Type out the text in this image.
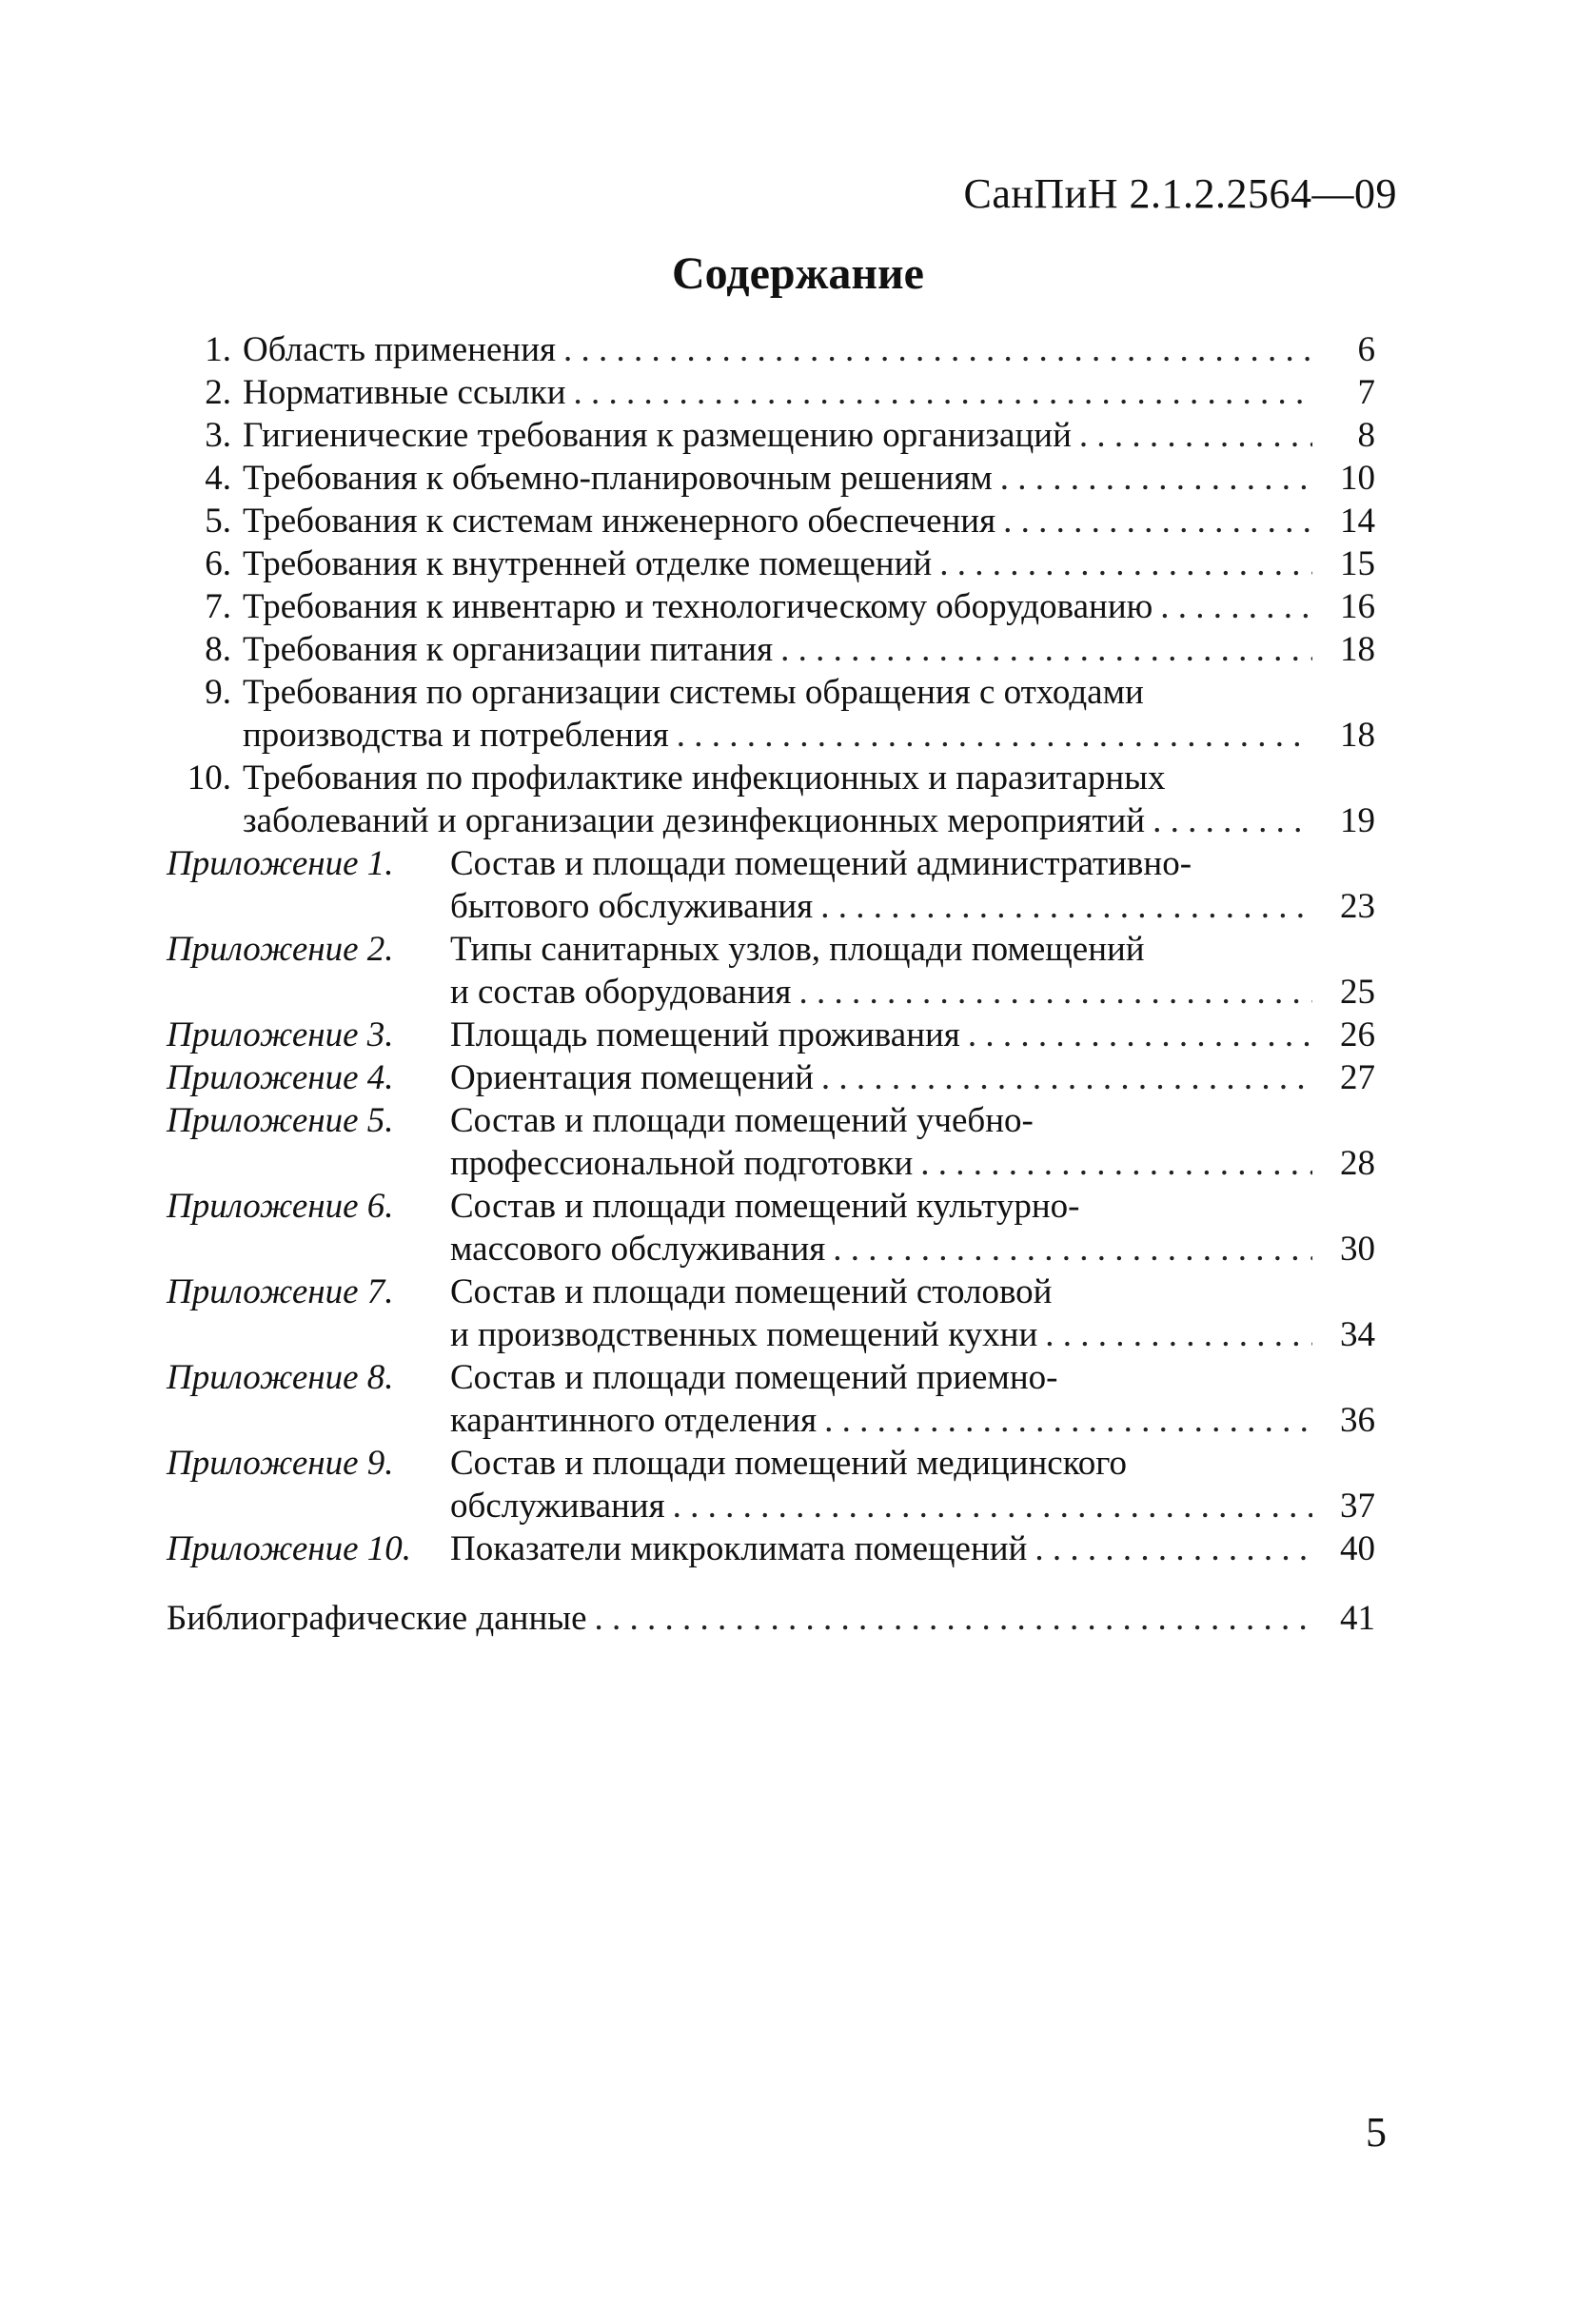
СанПиН 2.1.2.2564—09
Содержание
1. Область применения . . .	6
2. Нормативные ссылки . . .	7
3. Гигиенические требования к размещению организаций . . .	8
4. Требования к объемно-планировочным решениям . . .	10
5. Требования к системам инженерного обеспечения . . .	14
6. Требования к внутренней отделке помещений . . .	15
7. Требования к инвентарю и технологическому оборудованию . . .	16
8. Требования к организации питания . . .	18
9. Требования по организации системы обращения с отходами
производства и потребления . . .	18
10. Требования по профилактике инфекционных и паразитарных
заболеваний и организации дезинфекционных мероприятий . . .	19
Приложение 1.	Состав и площади помещений административно-
бытового обслуживания . . .	23
Приложение 2.	Типы санитарных узлов, площади помещений
и состав оборудования . . .	25
Приложение 3.	Площадь помещений проживания . . .	26
Приложение 4.	Ориентация помещений . . .	27
Приложение 5.	Состав и площади помещений учебно-
профессиональной подготовки . . .	28
Приложение 6.	Состав и площади помещений культурно-
массового обслуживания . . .	30
Приложение 7.	Состав и площади помещений столовой
и производственных помещений кухни . . .	34
Приложение 8.	Состав и площади помещений приемно-
карантинного отделения . . .	36
Приложение 9.	Состав и площади помещений медицинского
обслуживания . . .	37
Приложение 10.	Показатели микроклимата помещений . . .	40
Библиографические данные . . .	41
5
